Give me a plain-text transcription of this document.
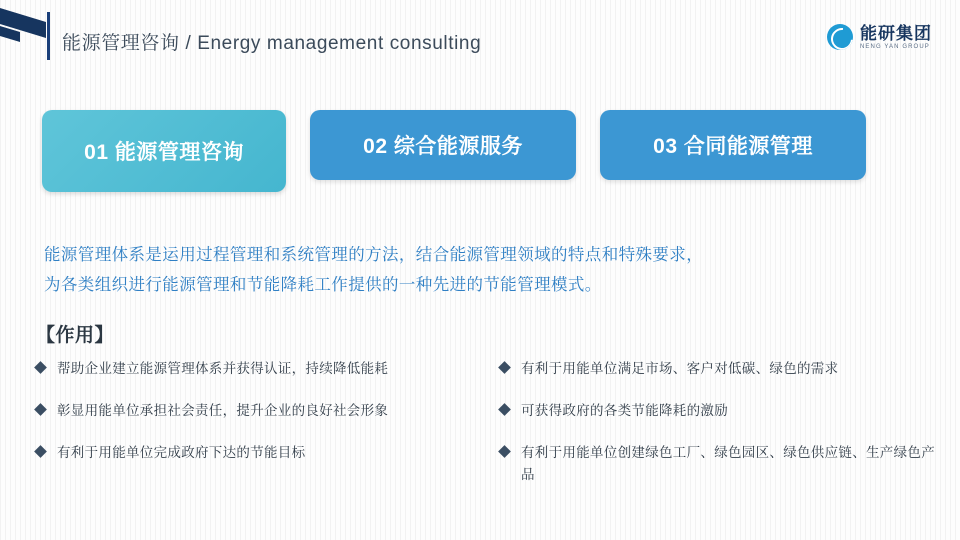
能源管理咨询 / Energy management consulting	能研集团
NENG YAN GROUP
01 能源管理咨询	02 综合能源服务	03 合同能源管理
能源管理体系是运用过程管理和系统管理的方法，结合能源管理领域的特点和特殊要求，
为各类组织进行能源管理和节能降耗工作提供的一种先进的节能管理模式。
【作用】
帮助企业建立能源管理体系并获得认证，持续降低能耗
彰显用能单位承担社会责任，提升企业的良好社会形象
有利于用能单位完成政府下达的节能目标
有利于用能单位满足市场、客户对低碳、绿色的需求
可获得政府的各类节能降耗的激励
有利于用能单位创建绿色工厂、绿色园区、绿色供应链、生产绿色产品
